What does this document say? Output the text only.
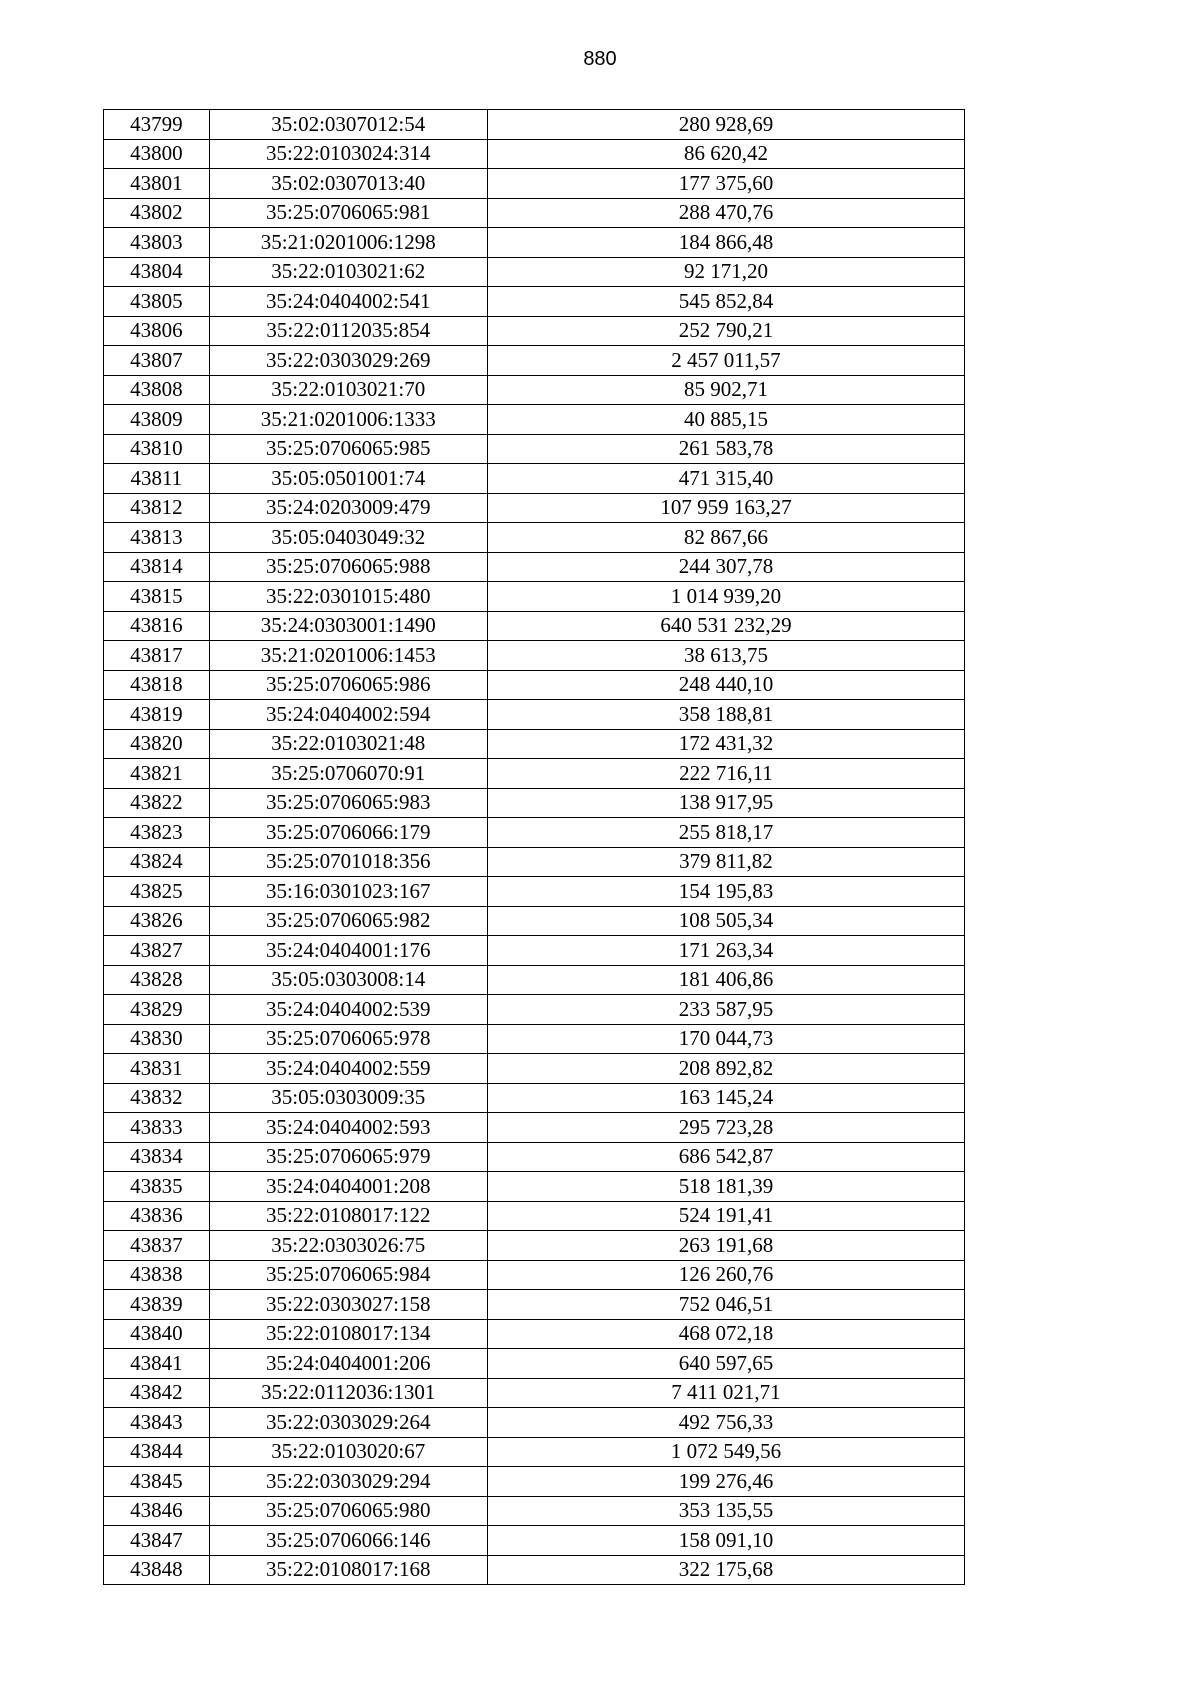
880
43799	35:02:0307012:54	280 928,69
43800	35:22:0103024:314	86 620,42
43801	35:02:0307013:40	177 375,60
43802	35:25:0706065:981	288 470,76
43803	35:21:0201006:1298	184 866,48
43804	35:22:0103021:62	92 171,20
43805	35:24:0404002:541	545 852,84
43806	35:22:0112035:854	252 790,21
43807	35:22:0303029:269	2 457 011,57
43808	35:22:0103021:70	85 902,71
43809	35:21:0201006:1333	40 885,15
43810	35:25:0706065:985	261 583,78
43811	35:05:0501001:74	471 315,40
43812	35:24:0203009:479	107 959 163,27
43813	35:05:0403049:32	82 867,66
43814	35:25:0706065:988	244 307,78
43815	35:22:0301015:480	1 014 939,20
43816	35:24:0303001:1490	640 531 232,29
43817	35:21:0201006:1453	38 613,75
43818	35:25:0706065:986	248 440,10
43819	35:24:0404002:594	358 188,81
43820	35:22:0103021:48	172 431,32
43821	35:25:0706070:91	222 716,11
43822	35:25:0706065:983	138 917,95
43823	35:25:0706066:179	255 818,17
43824	35:25:0701018:356	379 811,82
43825	35:16:0301023:167	154 195,83
43826	35:25:0706065:982	108 505,34
43827	35:24:0404001:176	171 263,34
43828	35:05:0303008:14	181 406,86
43829	35:24:0404002:539	233 587,95
43830	35:25:0706065:978	170 044,73
43831	35:24:0404002:559	208 892,82
43832	35:05:0303009:35	163 145,24
43833	35:24:0404002:593	295 723,28
43834	35:25:0706065:979	686 542,87
43835	35:24:0404001:208	518 181,39
43836	35:22:0108017:122	524 191,41
43837	35:22:0303026:75	263 191,68
43838	35:25:0706065:984	126 260,76
43839	35:22:0303027:158	752 046,51
43840	35:22:0108017:134	468 072,18
43841	35:24:0404001:206	640 597,65
43842	35:22:0112036:1301	7 411 021,71
43843	35:22:0303029:264	492 756,33
43844	35:22:0103020:67	1 072 549,56
43845	35:22:0303029:294	199 276,46
43846	35:25:0706065:980	353 135,55
43847	35:25:0706066:146	158 091,10
43848	35:22:0108017:168	322 175,68
